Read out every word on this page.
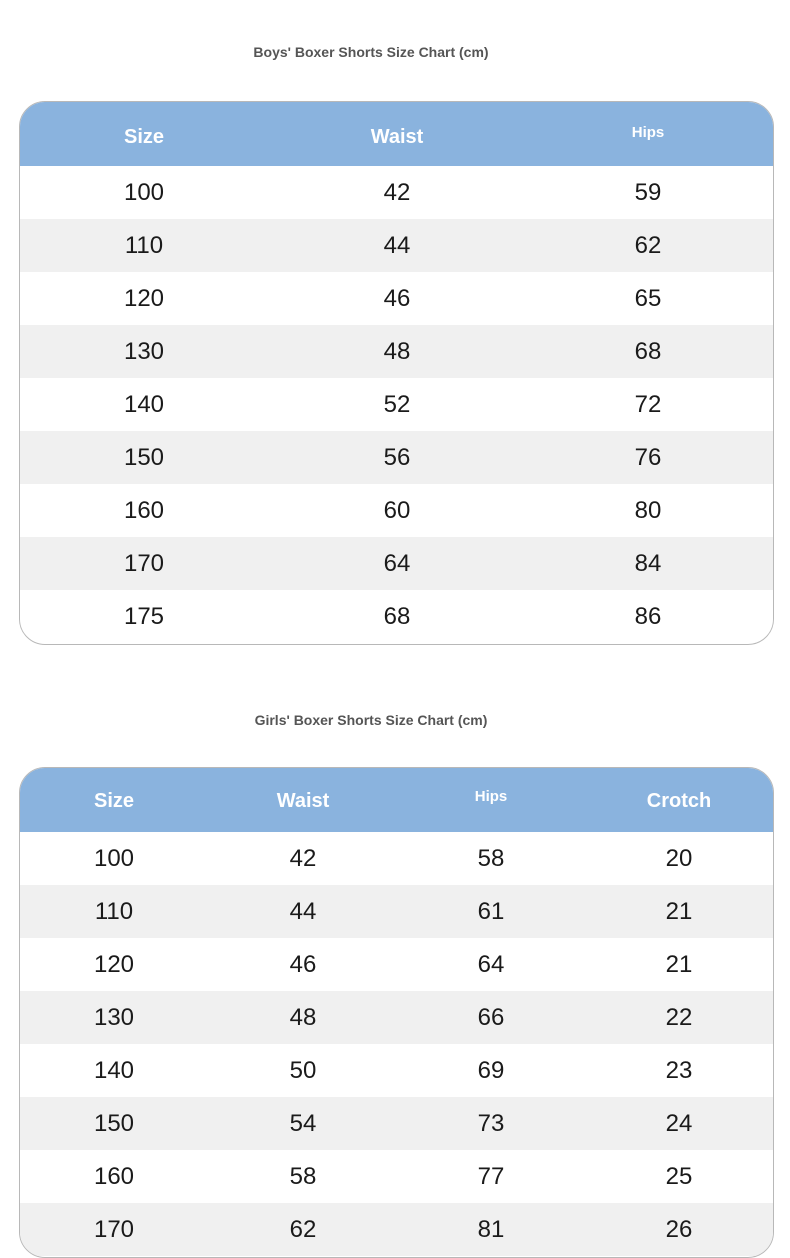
Boys' Boxer Shorts Size Chart (cm)
Size	Waist	Hips
100	42	59
110	44	62
120	46	65
130	48	68
140	52	72
150	56	76
160	60	80
170	64	84
175	68	86
Girls' Boxer Shorts Size Chart (cm)
Size	Waist	Hips	Crotch
100	42	58	20
110	44	61	21
120	46	64	21
130	48	66	22
140	50	69	23
150	54	73	24
160	58	77	25
170	62	81	26
